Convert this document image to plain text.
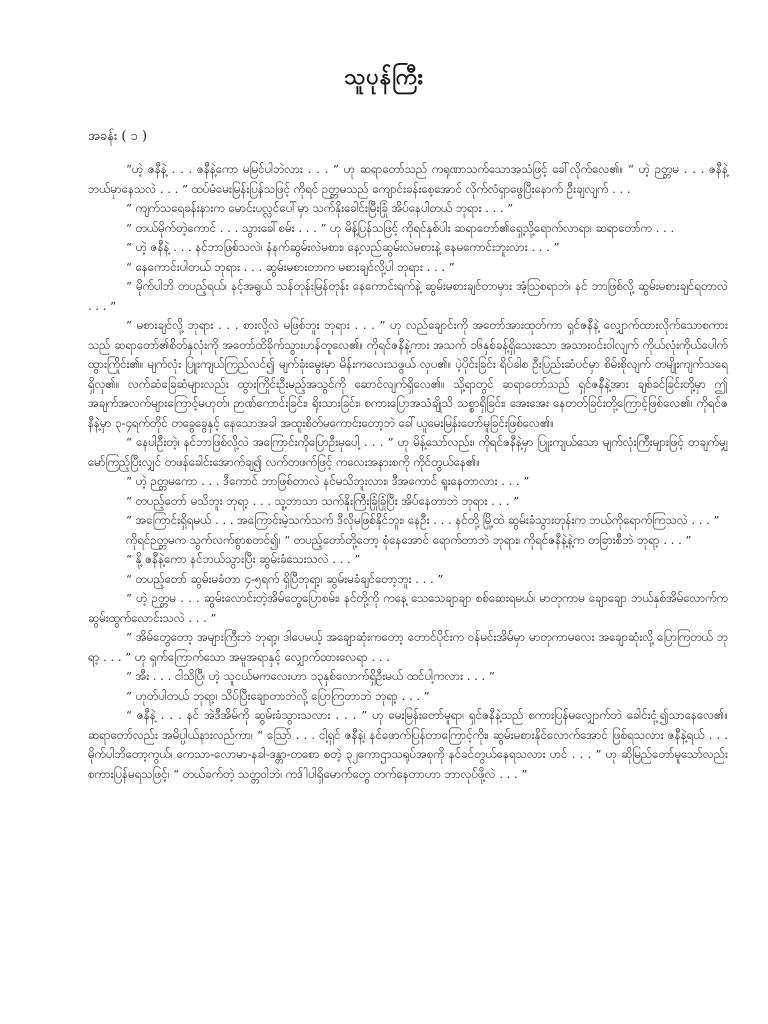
သူပုန်ကြီး
အခန်း ( ၁ )

“ဟဲ့ ဇနီနဲ့ . . . ဇနီနဲ့ကော မမြင်ပါဘဲလား . . . ” ဟု ဆရာတော်သည် ကရုဏာသက်သောအသံဖြင့် ခေါ်လိုက်လေ၏။ “ ဟဲ့ ဉတ္တမ . . . ဇနီနဲ့ ဘယ်မှာနေသလဲ . . . ” ထပ်မံမေးမြန်းပြန်သဖြင့် ကိုရင် ဉတ္တမသည် ကျောင်းခန်းစေ့အောင် လိုက်လံရှာဖွေပြီးနောက် ဦးချလျက် . . .

“ ကျက်သရေခန်းနားက မောင်းပလ္လင်ပေါ်မှာ သက်နိုးခေါင်းမြီးခြုံ အိပ်နေပါတယ် ဘုရား . . . ”

“ တယ်မိုက်တဲ့ကောင် . . . သွားခေါ်စမ်း . . . ” ဟု မိန့်ပြန်သဖြင့် ကိုရင်နှစ်ပါး ဆရာတော်၏ရှေ့သို့ရောက်လာရာ၊ ဆရာတော်က . . .

“ ဟဲ့ ဇနီနဲ့ . . . နင်ဘာဖြစ်သလဲ၊ နံနက်ဆွမ်းလဲမစား၊ နေ့လည်ဆွမ်းလဲမစားနဲ့ နေမကောင်းဘူးလား . . . ”

“ နေကောင်းပါတယ် ဘုရား . . . ဆွမ်းမစားတာက မစားချင်လို့ပါ ဘုရား . . . ”

“ မိုက်ပါဘိ တပည့်ရယ်၊ နင့်အရွယ် သန်တုန်းမြန်တုန်း နေကောင်းရက်နဲ့ ဆွမ်းမစားချင်တာမှား အံ့ဩစရာဘဲ၊ နင် ဘာဖြစ်လို့ ဆွမ်းမစားချင်ရတာလဲ . . . ”

“ မစားချင်လို့ ဘုရား . . . စားလို့လဲ မဖြစ်ဘူး ဘုရား . . . ” ဟု လည်ချောင်းကို အတော်အားထုတ်ကာ ရှင်ဇနီနဲ့ လျှောက်ထားလိုက်သောစကားသည် ဆရာတော်၏စိတ်နှလုံးကို အတော်ထိခိုက်သွားဟန်တူလေ၏။ ကိုရင်ဇနီနဲ့ကား အသက် ၁၆နှစ်ခန့်ရှိသေးသော အသားဝင်းဝါလျက် ကိုယ်လုံးကိုယ်ပေါက်ထွားကြိုင်း၏။ မျက်လုံး ပြူးကျယ်ကြည်လင်၍ မျက်ခုံးမွေးမှာ မိန်းကလေးသဖွယ် လှပ၏။ ပဲ့ပိုင်းခြင်း ရိပ်ခါစ ဦးပြည်းဆံပင်မှာ စိမ်းစိုလျက် တမျိုးကျက်သရေရှိလှ၏။ လက်ဆံခြေဆံများလည်း ထွားကြိုင်းဦးမည့်အသွင်ကို ဆောင်လျက်ရှိလေ၏။ သို့ရာတွင် ဆရာတော်သည် ရှင်ဇနီနဲ့အား ချစ်ခင်ခြင်းတို့မှာ ဤအချက်အလက်များကြောင့်မဟုတ်၊ ဉာဏ်ကောင်းခြင်း၊ ရိုးသားခြင်း၊ စကားပြောအသံချိုသိ သစ္စာရှိခြင်း၊ အေးအေး နေတတ်ခြင်းတို့ကြောင့်ဖြစ်လေ၏၊ ကိုရင်ဇနီနဲ့မှာ ၃-၄ရက်တိုင် တခွေခွေနှင့် နေသောအခါ အထူးစိတ်မကောင်းတော့ဘဲ ခေါ်ယူမေးမြန်းတော်မူခြင်းဖြစ်လေ၏။

“ နေပါဦးတဲ့၊ နင်ဘာဖြစ်လို့လဲ အကြောင်းကိုပြောဦးမှပေါ့ . . . ” ဟု မိန့်သော်လည်း၊ ကိုရင်ဇနီနဲ့မှာ ပြူးကျယ်သော မျက်လုံးကြီးများဖြင့် တချက်မျှမော်ကြည့်ပြီးလျှင် တဖန်ခေါင်းအောက်ချ၍ လက်တဖက်ဖြင့် ကလေးအနားစကို ကိုင်တွယ်နေ၏။

“ ဟဲ့ ဉတ္တမကော . . . ဒီကောင် ဘာဖြစ်တာလဲ နင်မသိဘူးလား၊ ဒီအကောင် ရူးနေတာလား . . . ”

“ တပည့်တော် မသိဘူး ဘုရာ့ . . . သူ့ဘာသာ သက်နိုးကြီးခြုံခြုံပြီး အိပ်နေတာဘဲ ဘုရား . . . ”

“ အကြောင်းရှိရမယ် . . . အကြောင်းမဲ့သက်သက် ဒီလိုမဖြစ်နိုင်ဘူး၊ နေဦး . . . နင်တို့ မြို့ထဲ ဆွမ်းခံသွားတုန်းက ဘယ်ကိုရောက်ကြသလဲ . . . ”

ကိုရင်ဉတ္တမက သွက်လက်စွာစတင်၍၊ “ တပည့်တော်တို့တော့ စုံနေအောင် ရောက်တာဘဲ ဘုရား၊ ကိုရင်ဇနီနဲ့နဲ့က တခြားစီဘဲ ဘုရာ့ . . . ”

“ နို့ ဇနီနဲ့ကော နင်ဘယ်သွားပြီး ဆွမ်းခံသေးသလဲ . . . ”

“ တပည့်တော် ဆွမ်းမခံတာ ၄-၅ရက် ရှိပြီဘုရာ့၊ ဆွမ်းမခံချင်တော့ဘူး . . . ”

“ ဟဲ့ ဉတ္တမ . . . ဆွမ်းလောင်းတဲ့အိမ်တွေပြောစမ်း၊ နင်တို့ကို ကနေ့ သေသေချာချာ စစ်ဆေးရမယ်၊ မာတုကာမ ချောချော ဘယ်နှစ်အိမ်လောက်က ဆွမ်းထွက်လောင်းသလဲ . . . ”

“ အိမ်တွေတော့ အများကြီးဘဲ ဘုရာ့၊ ဒါပေမယ့် အချောဆုံးကတော့ တောင်ပိုင်းက ဝန်မင်းအိမ်မှာ မာတုကာမလေး အချောဆုံးလို့ ပြောကြတယ် ဘုရာ့ . . . ” ဟု ရှက်ကြောက်သော အမူအရာနှင့် လျှောက်ထားလေရာ . . .

“ အီး . . . ငါသိပြီ၊ ဟဲ့ သူငယ်မကလေးဟာ ၁၃နှစ်လောက်ရှိဦးမယ် ထင်ပါ့ကလား . . . ”

“ ဟုတ်ပါတယ် ဘုရာ့၊ သိပ်ပြီးချောတာဘဲလို့ ပြောကြတာဘဲ ဘုရာ့ . . . ”

“ ဇနီနဲ့ . . . နင် အဲဒီအိမ်ကို ဆွမ်းခံသွားသလား . . . ” ဟု မေးမြန်းတော်မူရာ၊ ရှင်ဇနီနဲ့သည် စကားပြန်မလျှောက်ဘဲ ခေါင်းငုံ့၍သာနေလေ၏။ ဆရာတော်လည်း အမိပ္ပါယ်နားလည်ကာ၊ “ ဩော် . . . ငါ့ရှင် ဇနီနဲ့၊ နင်ဖောက်ပြန်တာကြောင့်ကိုး၊ ဆွမ်းမစားနိုင်လောက်အောင် ဖြစ်ရသလား ဇနီနဲ့ရယ် . . . မိုက်ပါဘိတော့ကွယ်၊ ကေသာ-လောမာ-နခါ-ဒန္တာ-တစော စတဲ့ ၃၂ကောဌာသရုပ်အစုကို နင်ခင်တွယ်နေရသလား ဟင် . . . ” ဟု ဆိုမြည်တော်မူသော်လည်း စကားပြန်မရသဖြင့်၊ “ တယ်ခက်တဲ့ သတ္တဝါဘဲ၊ ကဒ်ါပါရှိမောက်တွေ တက်နေတာဟာ ဘာလုပ်ဖို့လဲ . . . ”
